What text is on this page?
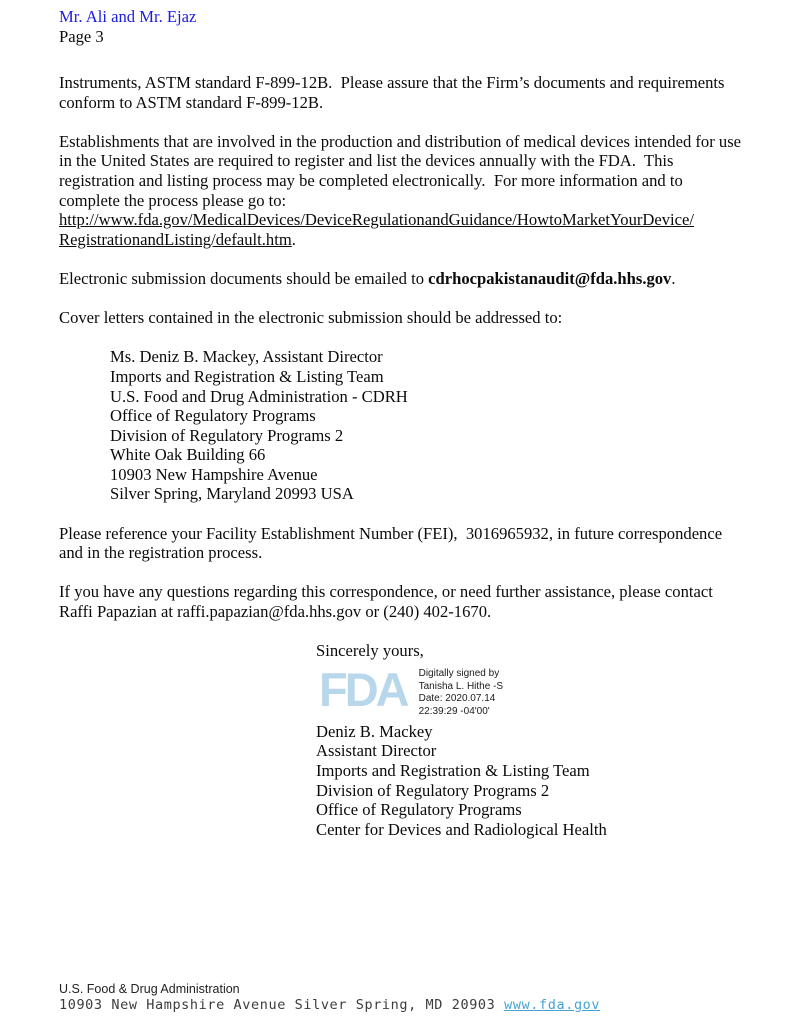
Mr. Ali and Mr. Ejaz
Page 3

Instruments, ASTM standard F-899-12B.  Please assure that the Firm’s documents and requirements conform to ASTM standard F-899-12B.

Establishments that are involved in the production and distribution of medical devices intended for use in the United States are required to register and list the devices annually with the FDA.  This registration and listing process may be completed electronically.  For more information and to complete the process please go to:
http://www.fda.gov/MedicalDevices/DeviceRegulationandGuidance/HowtoMarketYourDevice/
RegistrationandListing/default.htm.

Electronic submission documents should be emailed to cdrhocpakistanaudit@fda.hhs.gov.

Cover letters contained in the electronic submission should be addressed to:

Ms. Deniz B. Mackey, Assistant Director
Imports and Registration & Listing Team
U.S. Food and Drug Administration - CDRH
Office of Regulatory Programs
Division of Regulatory Programs 2
White Oak Building 66
10903 New Hampshire Avenue
Silver Spring, Maryland 20993 USA

Please reference your Facility Establishment Number (FEI),  3016965932, in future correspondence and in the registration process.

If you have any questions regarding this correspondence, or need further assistance, please contact Raffi Papazian at raffi.papazian@fda.hhs.gov or (240) 402-1670.

Sincerely yours,

FDA Digitally signed by
Tanisha L. Hithe -S
Date: 2020.07.14
22:39:29 -04'00'
Deniz B. Mackey
Assistant Director
Imports and Registration & Listing Team
Division of Regulatory Programs 2
Office of Regulatory Programs
Center for Devices and Radiological Health
U.S. Food & Drug Administration
10903 New Hampshire Avenue Silver Spring, MD 20903 www.fda.gov
